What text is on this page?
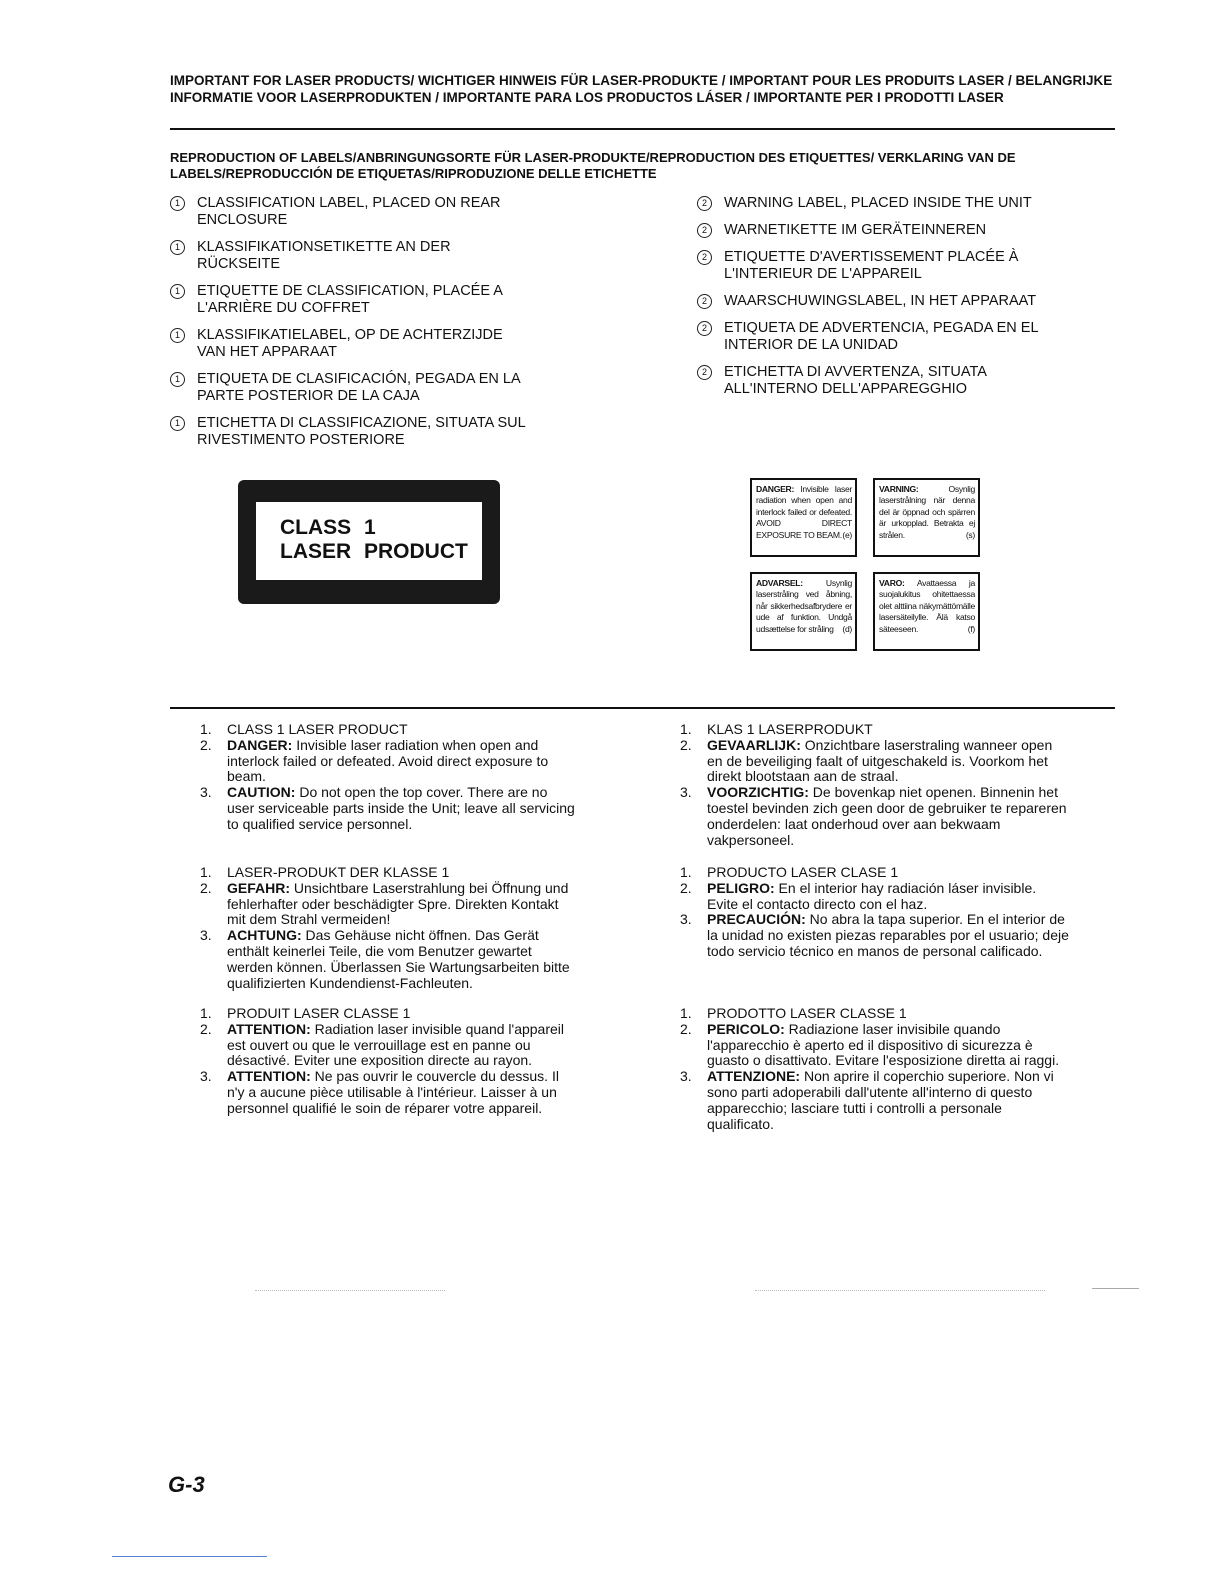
IMPORTANT FOR LASER PRODUCTS/ WICHTIGER HINWEIS FÜR LASER-PRODUKTE / IMPORTANT POUR LES PRODUITS LASER / BELANGRIJKE INFORMATIE VOOR LASERPRODUKTEN / IMPORTANTE PARA LOS PRODUCTOS LÁSER / IMPORTANTE PER I PRODOTTI LASER
REPRODUCTION OF LABELS/ANBRINGUNGSORTE FÜR LASER-PRODUKTE/REPRODUCTION DES ETIQUETTES/ VERKLARING VAN DE LABELS/REPRODUCCIÓN DE ETIQUETAS/RIPRODUZIONE DELLE ETICHETTE
1	CLASSIFICATION LABEL, PLACED ON REAR ENCLOSURE
1	KLASSIFIKATIONSETIKETTE AN DER RÜCKSEITE
1	ETIQUETTE DE CLASSIFICATION, PLACÉE A L'ARRIÈRE DU COFFRET
1	KLASSIFIKATIELABEL, OP DE ACHTERZIJDE VAN HET APPARAAT
1	ETIQUETA DE CLASIFICACIÓN, PEGADA EN LA PARTE POSTERIOR DE LA CAJA
1	ETICHETTA DI CLASSIFICAZIONE, SITUATA SUL RIVESTIMENTO POSTERIORE
2	WARNING LABEL, PLACED INSIDE THE UNIT
2	WARNETIKETTE IM GERÄTEINNEREN
2	ETIQUETTE D'AVERTISSEMENT PLACÉE À L'INTERIEUR DE L'APPAREIL
2	WAARSCHUWINGSLABEL, IN HET APPARAAT
2	ETIQUETA DE ADVERTENCIA, PEGADA EN EL INTERIOR DE LA UNIDAD
2	ETICHETTA DI AVVERTENZA, SITUATA ALL'INTERNO DELL'APPAREGGHIO
CLASS 1
LASER PRODUCT
DANGER: Invisible laser radiation when open and interlock failed or defeated. AVOID DIRECT EXPOSURE TO BEAM. (e)
VARNING:	Osynlig laserstrålning när denna del är öppnad och spärren är urkopplad. Betrakta ej strålen.	(s)
ADVARSEL:	Usynlig laserstråling ved åbning, når sikkerhedsafbrydere er ude af funktion. Undgå udsættelse for stråling (d)
VARO: Avattaessa ja suojalukitus ohitettaessa olet alttiina näkymättömälle lasersäteilylle. Älä katso säteeseen.	(f)
1. CLASS 1 LASER PRODUCT
2. DANGER: Invisible laser radiation when open and interlock failed or defeated. Avoid direct exposure to beam.
3. CAUTION: Do not open the top cover. There are no user serviceable parts inside the Unit; leave all servicing to qualified service personnel.
1. LASER-PRODUKT DER KLASSE 1
2. GEFAHR: Unsichtbare Laserstrahlung bei Öffnung und fehlerhafter oder beschädigter Spre. Direkten Kontakt mit dem Strahl vermeiden!
3. ACHTUNG: Das Gehäuse nicht öffnen. Das Gerät enthält keinerlei Teile, die vom Benutzer gewartet werden können. Überlassen Sie Wartungsarbeiten bitte qualifizierten Kundendienst-Fachleuten.
1. PRODUIT LASER CLASSE 1
2. ATTENTION: Radiation laser invisible quand l'appareil est ouvert ou que le verrouillage est en panne ou désactivé. Eviter une exposition directe au rayon.
3. ATTENTION: Ne pas ouvrir le couvercle du dessus. Il n'y a aucune pièce utilisable à l'intérieur. Laisser à un personnel qualifié le soin de réparer votre appareil.
1. KLAS 1 LASERPRODUKT
2. GEVAARLIJK: Onzichtbare laserstraling wanneer open en de beveiliging faalt of uitgeschakeld is. Voorkom het direkt blootstaan aan de straal.
3. VOORZICHTIG: De bovenkap niet openen. Binnenin het toestel bevinden zich geen door de gebruiker te repareren onderdelen: laat onderhoud over aan bekwaam vakpersoneel.
1. PRODUCTO LASER CLASE 1
2. PELIGRO: En el interior hay radiación láser invisible. Evite el contacto directo con el haz.
3. PRECAUCIÓN: No abra la tapa superior. En el interior de la unidad no existen piezas reparables por el usuario; deje todo servicio técnico en manos de personal calificado.
1. PRODOTTO LASER CLASSE 1
2. PERICOLO: Radiazione laser invisibile quando l'apparecchio è aperto ed il dispositivo di sicurezza è guasto o disattivato. Evitare l'esposizione diretta ai raggi.
3. ATTENZIONE: Non aprire il coperchio superiore. Non vi sono parti adoperabili dall'utente all'interno di questo apparecchio; lasciare tutti i controlli a personale qualificato.
G-3
